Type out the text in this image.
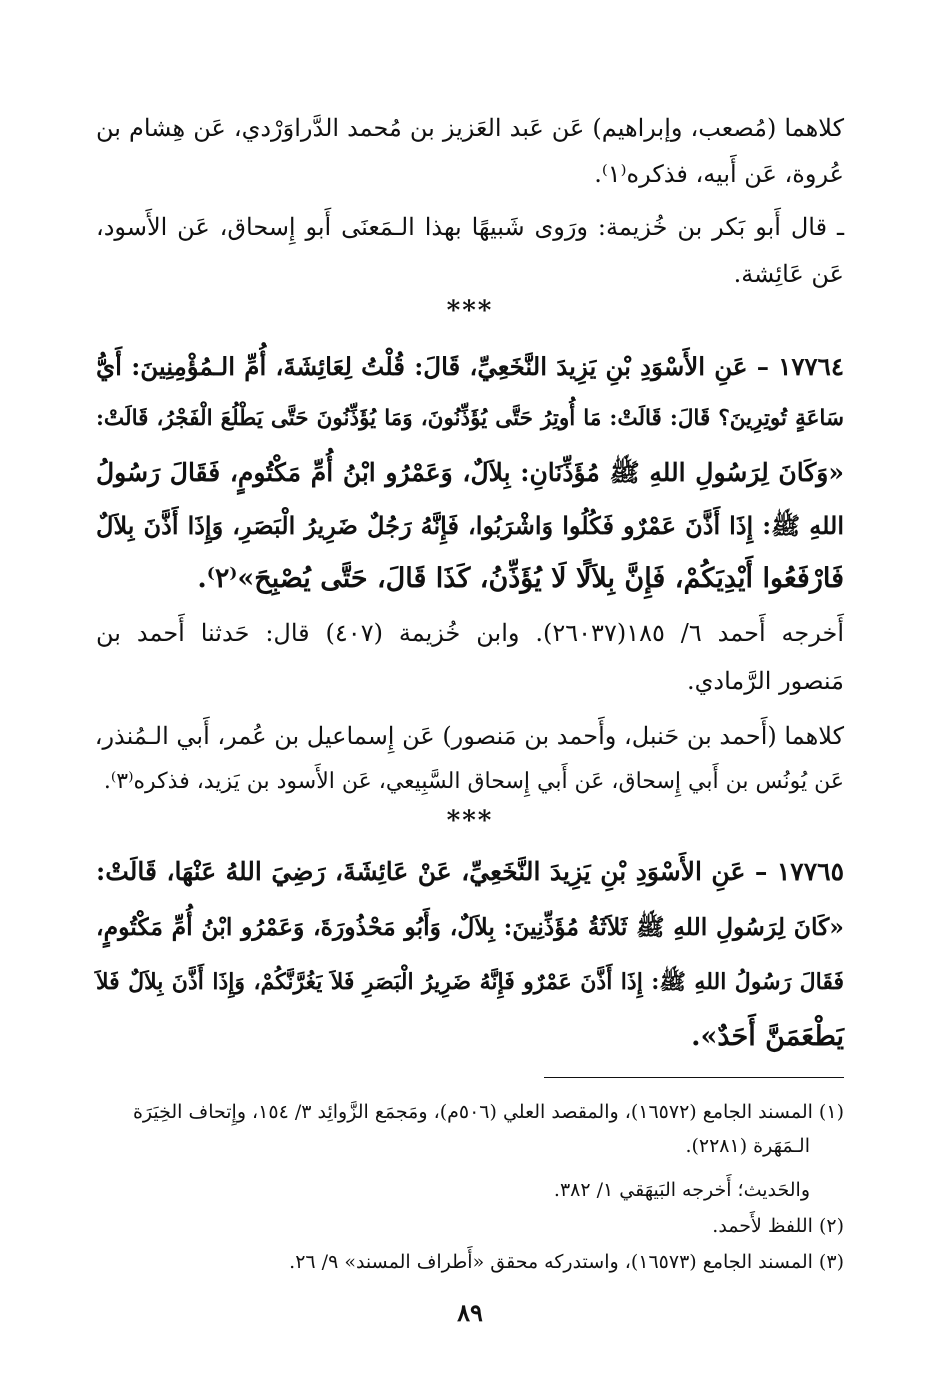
كلاهما (مُصعب، وإبراهيم) عَن عَبد العَزيز بن مُحمد الدَّراوَرْدي، عَن هِشام بن
عُروة، عَن أَبيه، فذكره⁽١⁾.
ـ قال أَبو بَكر بن خُزيمة: ورَوى شَبيهًا بهذا الـمَعنَى أَبو إِسحاق، عَن الأَسود،
عَن عَائِشة.
***
١٧٧٦٤ – عَنِ الأَسْوَدِ بْنِ يَزِيدَ النَّخَعِيِّ، قَالَ: قُلْتُ لِعَائِشَةَ، أُمِّ الـمُؤْمِنِينَ: أَيُّ
سَاعَةٍ تُوتِرِينَ؟ قَالَ: قَالَتْ: مَا أُوتِرُ حَتَّى يُؤَذِّنُونَ، وَمَا يُؤَذِّنُونَ حَتَّى يَطْلُعَ الْفَجْرُ، قَالَتْ:
«وَكَانَ لِرَسُولِ اللهِ ﷺ مُؤَذِّنَانِ: بِلاَلٌ، وَعَمْرُو ابْنُ أُمِّ مَكْتُومٍ، فَقَالَ رَسُولُ
اللهِ ﷺ: إِذَا أَذَّنَ عَمْرٌو فَكُلُوا وَاشْرَبُوا، فَإِنَّهُ رَجُلٌ ضَرِيرُ الْبَصَرِ، وَإِذَا أَذَّنَ بِلاَلٌ
فَارْفَعُوا أَيْدِيَكُمْ، فَإِنَّ بِلاَلًا لَا يُؤَذِّنُ، كَذَا قَالَ، حَتَّى يُصْبِحَ»⁽٢⁾.
أَخرجه أَحمد ٦/ ١٨٥(٢٦٠٣٧). وابن خُزيمة (٤٠٧) قال: حَدثنا أَحمد بن
مَنصور الرَّمادي.
كلاهما (أَحمد بن حَنبل، وأَحمد بن مَنصور) عَن إِسماعيل بن عُمر، أَبي الـمُنذر،
عَن يُونُس بن أَبي إِسحاق، عَن أَبي إِسحاق السَّبِيعي، عَن الأَسود بن يَزيد، فذكره⁽٣⁾.
***
١٧٧٦٥ – عَنِ الأَسْوَدِ بْنِ يَزِيدَ النَّخَعِيِّ، عَنْ عَائِشَةَ، رَضِيَ اللهُ عَنْهَا، قَالَتْ:
«كَانَ لِرَسُولِ اللهِ ﷺ ثَلاَثَةُ مُؤَذِّنِينَ: بِلاَلٌ، وَأَبُو مَحْذُورَةَ، وَعَمْرُو ابْنُ أُمِّ مَكْتُومٍ،
فَقَالَ رَسُولُ اللهِ ﷺ: إِذَا أَذَّنَ عَمْرٌو فَإِنَّهُ ضَرِيرُ الْبَصَرِ فَلاَ يَغُرَّنَّكُمْ، وَإِذَا أَذَّنَ بِلاَلٌ فَلاَ
يَطْعَمَنَّ أَحَدٌ».
(١) المسند الجامع (١٦٥٧٢)، والمقصد العلي (٥٠٦م)، ومَجمَع الزَّوائِد ٣/ ١٥٤، وإِتحاف الخِيَرَة
الـمَهَرة (٢٢٨١).
والحَديث؛ أَخرجه البَيهَقي ١/ ٣٨٢.
(٢) اللفظ لأَحمد.
(٣) المسند الجامع (١٦٥٧٣)، واستدركه محقق «أَطراف المسند» ٩/ ٢٦.
٨٩
